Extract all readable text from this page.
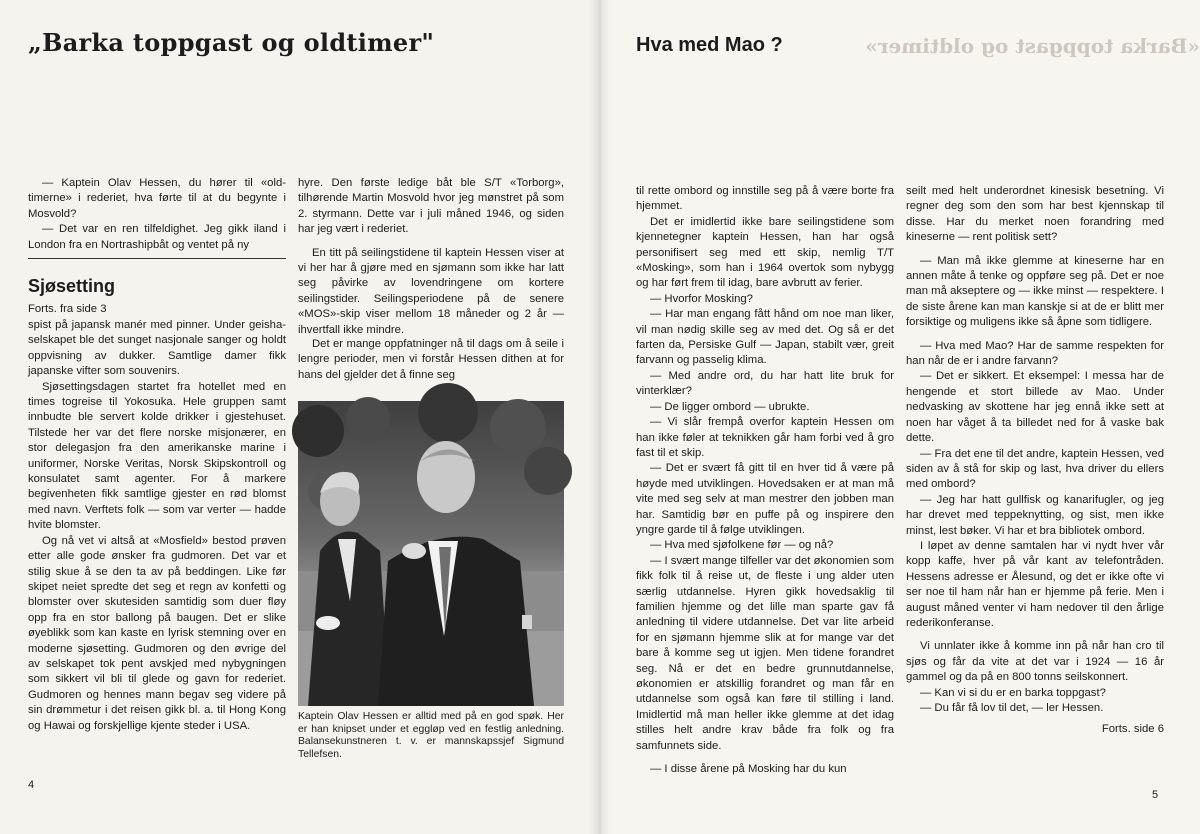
„Barka toppgast og oldtimer"

— Kaptein Olav Hessen, du hører til «old-timerne» i rederiet, hva førte til at du begynte i Mosvold?

— Det var en ren tilfeldighet. Jeg gikk iland i London fra en Nortrashipbåt og ventet på ny

Sjøsetting
Forts. fra side 3

spist på japansk manér med pinner. Under geisha-selskapet ble det sunget nasjonale sanger og holdt oppvisning av dukker. Samtlige damer fikk japanske vifter som souvenirs.

Sjøsettingsdagen startet fra hotellet med en times togreise til Yokosuka. Hele gruppen samt innbudte ble servert kolde drikker i gjestehuset. Tilstede her var det flere norske misjonærer, en stor delegasjon fra den amerikanske marine i uniformer, Norske Veritas, Norsk Skipskontroll og konsulatet samt agenter. For å markere begivenheten fikk samtlige gjester en rød blomst med navn. Verftets folk — som var verter — hadde hvite blomster.

Og nå vet vi altså at «Mosfield» bestod prøven etter alle gode ønsker fra gudmoren. Det var et stilig skue å se den ta av på beddingen. Like før skipet neiet spredte det seg et regn av konfetti og blomster over skutesiden samtidig som duer fløy opp fra en stor ballong på baugen. Det er slike øyeblikk som kan kaste en lyrisk stemning over en moderne sjøsetting. Gudmoren og den øvrige del av selskapet tok pent avskjed med nybygningen som sikkert vil bli til glede og gavn for rederiet. Gudmoren og hennes mann begav seg videre på sin drømmetur i det reisen gikk bl. a. til Hong Kong og Hawai og forskjellige kjente steder i USA.

hyre. Den første ledige båt ble S/T «Torborg», tilhørende Martin Mosvold hvor jeg mønstret på som 2. styrmann. Dette var i juli måned 1946, og siden har jeg vært i rederiet.

En titt på seilingstidene til kaptein Hessen viser at vi her har å gjøre med en sjømann som ikke har latt seg påvirke av lovendringene om kortere seilingstider. Seilingsperiodene på de senere «MOS»-skip viser mellom 18 måneder og 2 år — ihvertfall ikke mindre.

Det er mange oppfatninger nå til dags om å seile i lengre perioder, men vi forstår Hessen dithen at for hans del gjelder det å finne seg

Kaptein Olav Hessen er alltid med på en god spøk. Her er han knipset under et eggløp ved en festlig anledning. Balansekunstneren t. v. er mannskapssjef Sigmund Tellefsen.
4
Hva med Mao ?	«Barka toppgast og oldtimer»

til rette ombord og innstille seg på å være borte fra hjemmet.

Det er imidlertid ikke bare seilingstidene som kjennetegner kaptein Hessen, han har også personifisert seg med ett skip, nemlig T/T «Mosking», som han i 1964 overtok som nybygg og har ført frem til idag, bare avbrutt av ferier.

— Hvorfor Mosking?

— Har man engang fått hånd om noe man liker, vil man nødig skille seg av med det. Og så er det farten da, Persiske Gulf — Japan, stabilt vær, greit farvann og passelig klima.

— Med andre ord, du har hatt lite bruk for vinterklær?

— De ligger ombord — ubrukte.

— Vi slår frempå overfor kaptein Hessen om han ikke føler at teknikken går ham forbi ved å gro fast til et skip.

— Det er svært få gitt til en hver tid å være på høyde med utviklingen. Hovedsaken er at man må vite med seg selv at man mestrer den jobben man har. Samtidig bør en puffe på og inspirere den yngre garde til å følge utviklingen.

— Hva med sjøfolkene før — og nå?

— I svært mange tilfeller var det økonomien som fikk folk til å reise ut, de fleste i ung alder uten særlig utdannelse. Hyren gikk hovedsaklig til familien hjemme og det lille man sparte gav få anledning til videre utdannelse. Det var lite arbeid for en sjømann hjemme slik at for mange var det bare å komme seg ut igjen. Men tidene forandret seg. Nå er det en bedre grunnutdannelse, økonomien er atskillig forandret og man får en utdannelse som også kan føre til stilling i land. Imidlertid må man heller ikke glemme at det idag stilles helt andre krav både fra folk og fra samfunnets side.

— I disse årene på Mosking har du kun

seilt med helt underordnet kinesisk besetning. Vi regner deg som den som har best kjennskap til disse. Har du merket noen forandring med kineserne — rent politisk sett?

— Man må ikke glemme at kineserne har en annen måte å tenke og oppføre seg på. Det er noe man må akseptere og — ikke minst — respektere. I de siste årene kan man kanskje si at de er blitt mer forsiktige og muligens ikke så åpne som tidligere.

— Hva med Mao? Har de samme respekten for han når de er i andre farvann?

— Det er sikkert. Et eksempel: I messa har de hengende et stort billede av Mao. Under nedvasking av skottene har jeg ennå ikke sett at noen har våget å ta billedet ned for å vaske bak dette.

— Fra det ene til det andre, kaptein Hessen, ved siden av å stå for skip og last, hva driver du ellers med ombord?

— Jeg har hatt gullfisk og kanarifugler, og jeg har drevet med teppeknytting, og sist, men ikke minst, lest bøker. Vi har et bra bibliotek ombord.

I løpet av denne samtalen har vi nydt hver vår kopp kaffe, hver på vår kant av telefontråden. Hessens adresse er Ålesund, og det er ikke ofte vi ser noe til ham når han er hjemme på ferie. Men i august måned venter vi ham nedover til den årlige rederikonferanse.

Vi unnlater ikke å komme inn på når han cro til sjøs og får da vite at det var i 1924 — 16 år gammel og da på en 800 tonns seilskonnert.

— Kan vi si du er en barka toppgast?

— Du får få lov til det, — ler Hessen.

Forts. side 6

5
